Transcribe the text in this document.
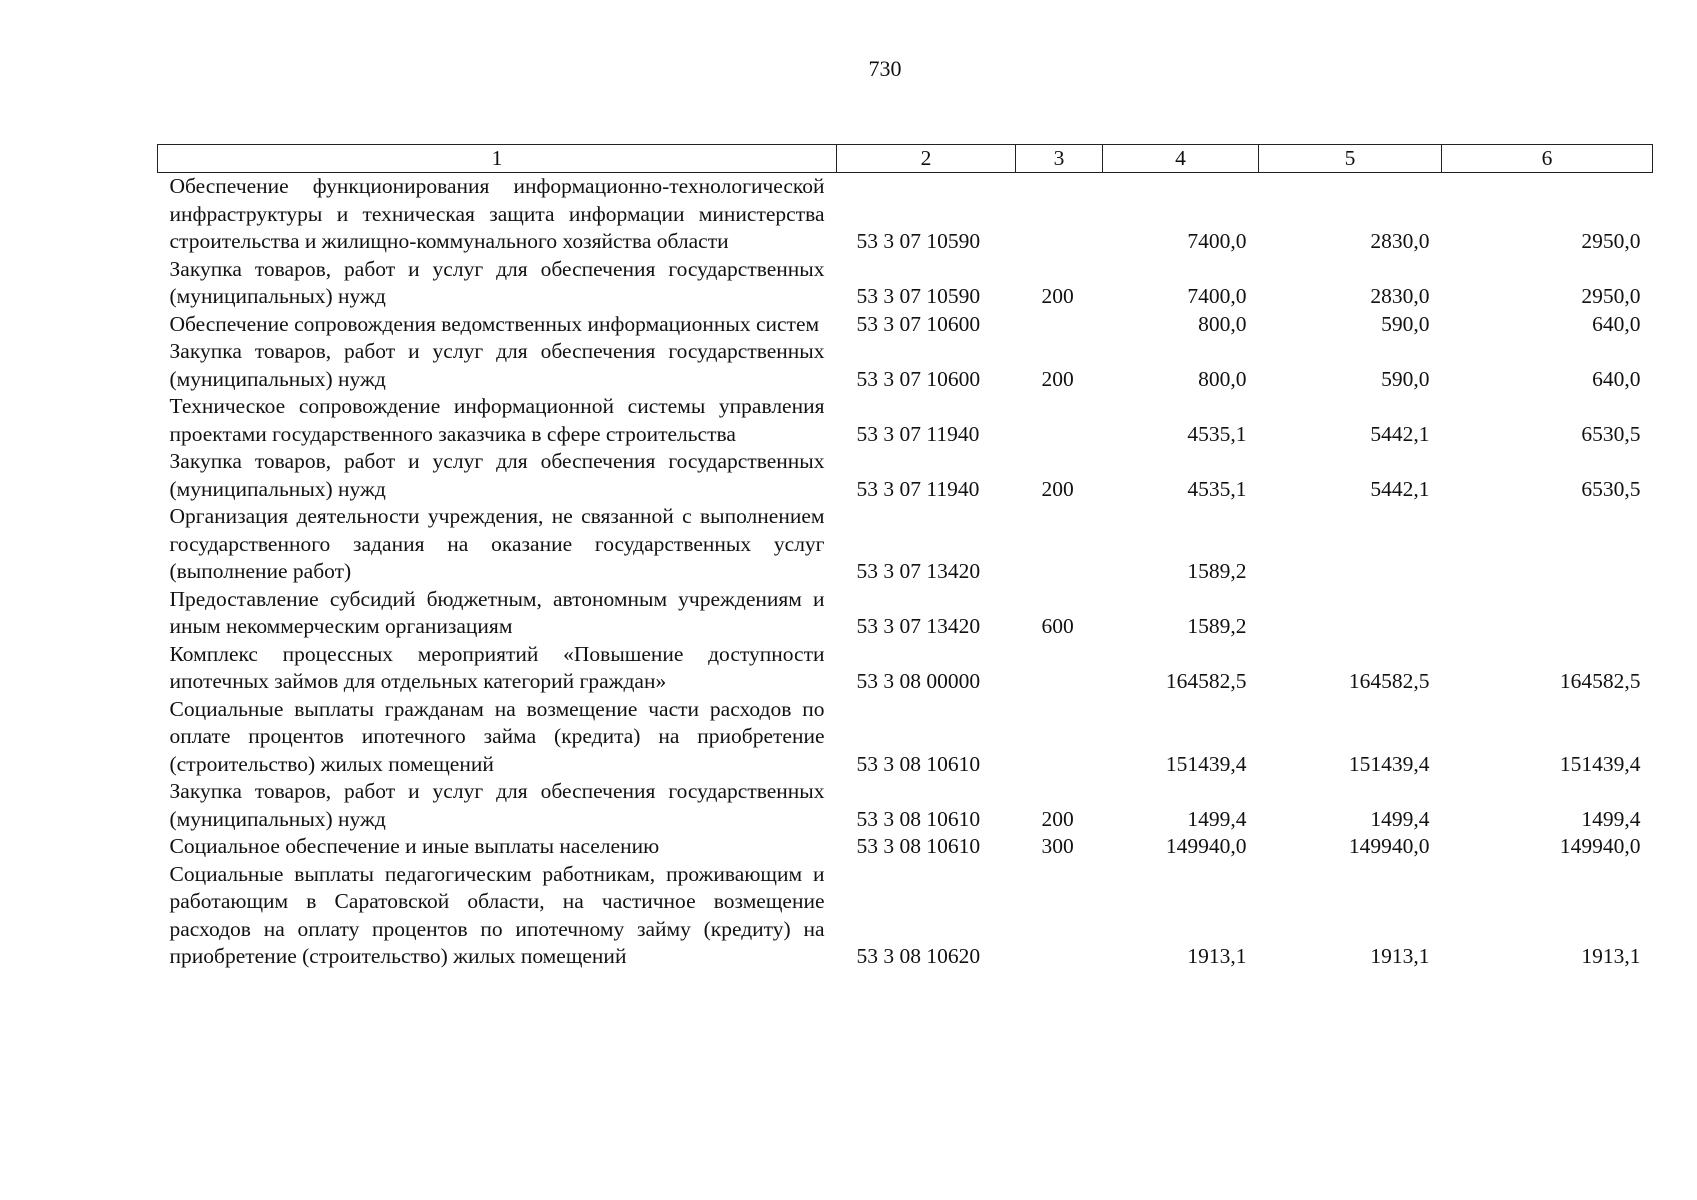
730
1	2	3	4	5	6
Обеспечение функционирования информационно-технологической инфраструктуры и техническая защита информации министерства строительства и жилищно-коммунального хозяйства области	53 3 07 10590		7400,0	2830,0	2950,0
Закупка товаров, работ и услуг для обеспечения государственных (муниципальных) нужд	53 3 07 10590	200	7400,0	2830,0	2950,0
Обеспечение сопровождения ведомственных информационных систем	53 3 07 10600		800,0	590,0	640,0
Закупка товаров, работ и услуг для обеспечения государственных (муниципальных) нужд	53 3 07 10600	200	800,0	590,0	640,0
Техническое сопровождение информационной системы управления проектами государственного заказчика в сфере строительства	53 3 07 11940		4535,1	5442,1	6530,5
Закупка товаров, работ и услуг для обеспечения государственных (муниципальных) нужд	53 3 07 11940	200	4535,1	5442,1	6530,5
Организация деятельности учреждения, не связанной с выполнением государственного задания на оказание государственных услуг (выполнение работ)	53 3 07 13420		1589,2		
Предоставление субсидий бюджетным, автономным учреждениям и иным некоммерческим организациям	53 3 07 13420	600	1589,2		
Комплекс процессных мероприятий «Повышение доступности ипотечных займов для отдельных категорий граждан»	53 3 08 00000		164582,5	164582,5	164582,5
Социальные выплаты гражданам на возмещение части расходов по оплате процентов ипотечного займа (кредита) на приобретение (строительство) жилых помещений	53 3 08 10610		151439,4	151439,4	151439,4
Закупка товаров, работ и услуг для обеспечения государственных (муниципальных) нужд	53 3 08 10610	200	1499,4	1499,4	1499,4
Социальное обеспечение и иные выплаты населению	53 3 08 10610	300	149940,0	149940,0	149940,0
Социальные выплаты педагогическим работникам, проживающим и работающим в Саратовской области, на частичное возмещение расходов на оплату процентов по ипотечному займу (кредиту) на приобретение (строительство) жилых помещений	53 3 08 10620		1913,1	1913,1	1913,1
